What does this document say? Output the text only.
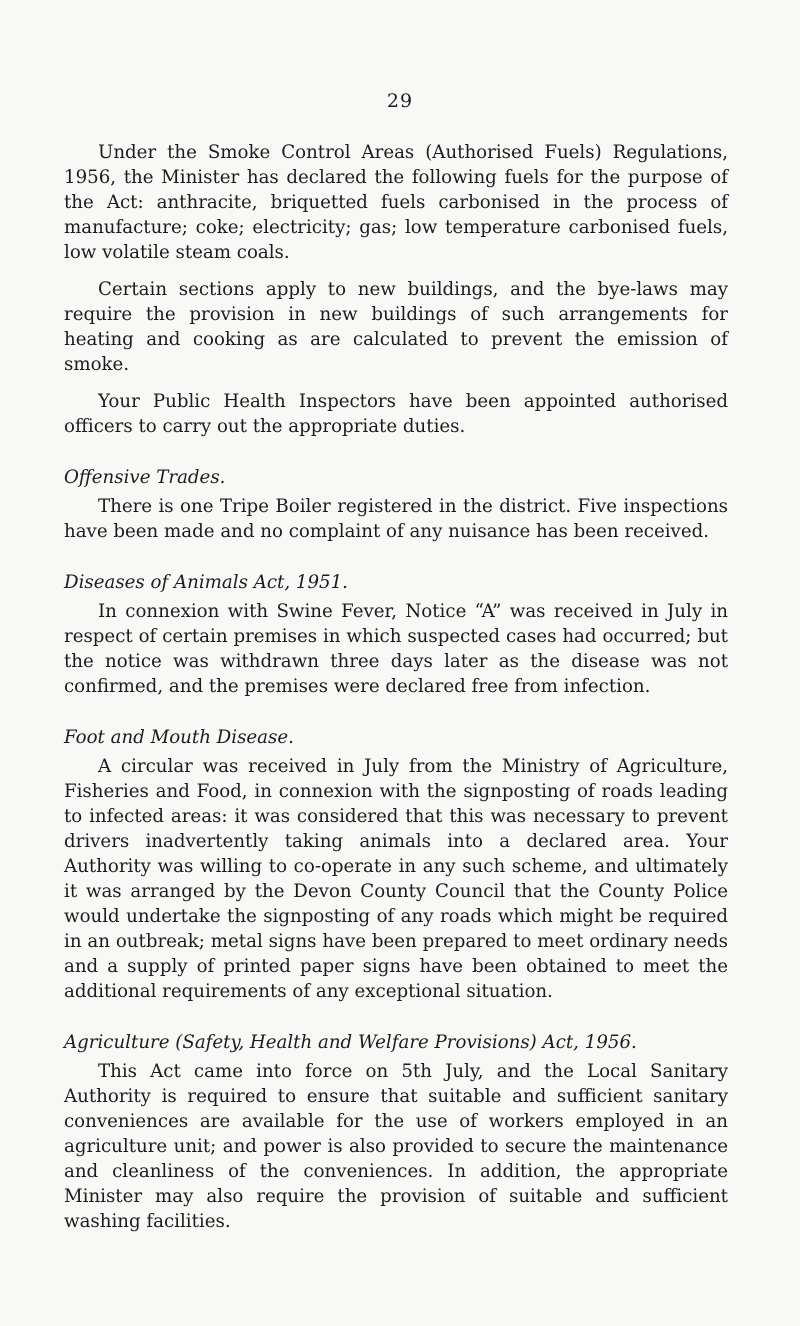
29

Under the Smoke Control Areas (Authorised Fuels) Regulations, 1956, the Minister has declared the following fuels for the purpose of the Act: anthracite, briquetted fuels carbonised in the process of manufacture; coke; electricity; gas; low temperature carbonised fuels, low volatile steam coals.

Certain sections apply to new buildings, and the bye-laws may require the provision in new buildings of such arrangements for heating and cooking as are calculated to prevent the emission of smoke.

Your Public Health Inspectors have been appointed authorised officers to carry out the appropriate duties.

Offensive Trades.

There is one Tripe Boiler registered in the district. Five inspections have been made and no complaint of any nuisance has been received.

Diseases of Animals Act, 1951.

In connexion with Swine Fever, Notice “A” was received in July in respect of certain premises in which suspected cases had occurred; but the notice was withdrawn three days later as the disease was not confirmed, and the premises were declared free from infection.

Foot and Mouth Disease.

A circular was received in July from the Ministry of Agriculture, Fisheries and Food, in connexion with the signposting of roads leading to infected areas: it was considered that this was necessary to prevent drivers inadvertently taking animals into a declared area. Your Authority was willing to co-operate in any such scheme, and ultimately it was arranged by the Devon County Council that the County Police would undertake the signposting of any roads which might be required in an outbreak; metal signs have been prepared to meet ordinary needs and a supply of printed paper signs have been obtained to meet the additional requirements of any exceptional situation.

Agriculture (Safety, Health and Welfare Provisions) Act, 1956.

This Act came into force on 5th July, and the Local Sanitary Authority is required to ensure that suitable and sufficient sanitary conveniences are available for the use of workers employed in an agriculture unit; and power is also provided to secure the maintenance and cleanliness of the conveniences. In addition, the appropriate Minister may also require the provision of suitable and sufficient washing facilities.
